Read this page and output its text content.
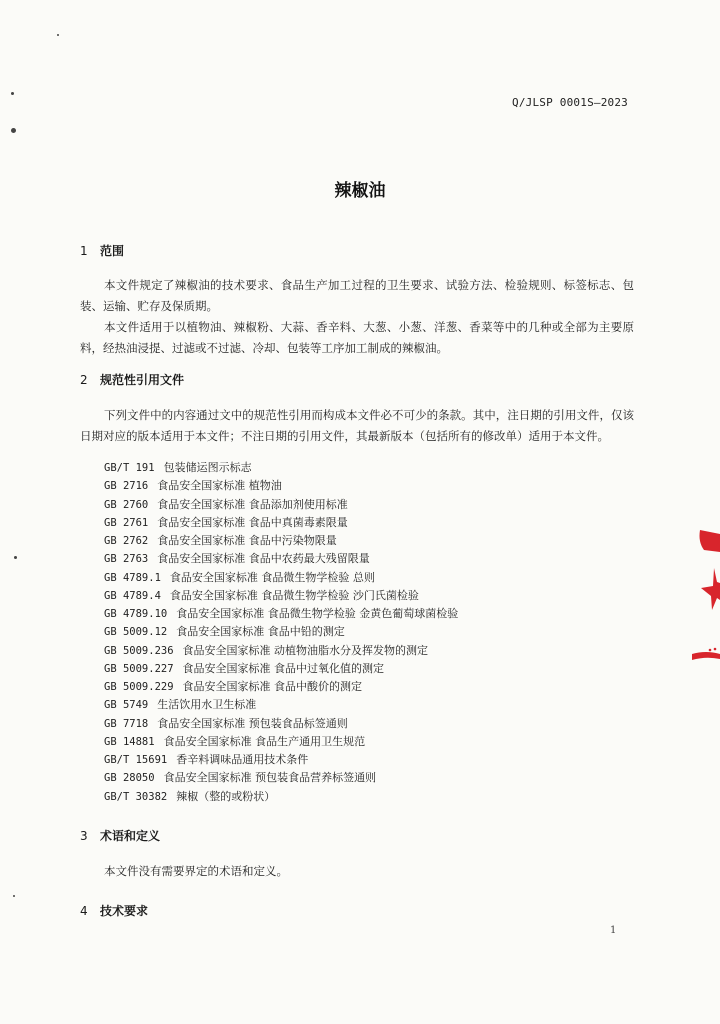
Q/JLSP 0001S—2023
辣椒油
1 范围
本文件规定了辣椒油的技术要求、食品生产加工过程的卫生要求、试验方法、检验规则、标签标志、包装、运输、贮存及保质期。
本文件适用于以植物油、辣椒粉、大蒜、香辛料、大葱、小葱、洋葱、香菜等中的几种或全部为主要原料，经热油浸提、过滤或不过滤、冷却、包装等工序加工制成的辣椒油。
2 规范性引用文件
下列文件中的内容通过文中的规范性引用而构成本文件必不可少的条款。其中，注日期的引用文件，仅该日期对应的版本适用于本文件；不注日期的引用文件，其最新版本（包括所有的修改单）适用于本文件。
GB/T 191 包装储运图示标志
GB 2716 食品安全国家标准 植物油
GB 2760 食品安全国家标准 食品添加剂使用标准
GB 2761 食品安全国家标准 食品中真菌毒素限量
GB 2762 食品安全国家标准 食品中污染物限量
GB 2763 食品安全国家标准 食品中农药最大残留限量
GB 4789.1 食品安全国家标准 食品微生物学检验 总则
GB 4789.4 食品安全国家标准 食品微生物学检验 沙门氏菌检验
GB 4789.10 食品安全国家标准 食品微生物学检验 金黄色葡萄球菌检验
GB 5009.12 食品安全国家标准 食品中铅的测定
GB 5009.236 食品安全国家标准 动植物油脂水分及挥发物的测定
GB 5009.227 食品安全国家标准 食品中过氧化值的测定
GB 5009.229 食品安全国家标准 食品中酸价的测定
GB 5749 生活饮用水卫生标准
GB 7718 食品安全国家标准 预包装食品标签通则
GB 14881 食品安全国家标准 食品生产通用卫生规范
GB/T 15691 香辛料调味品通用技术条件
GB 28050 食品安全国家标准 预包装食品营养标签通则
GB/T 30382 辣椒（整的或粉状）
3 术语和定义
本文件没有需要界定的术语和定义。
4 技术要求
1
